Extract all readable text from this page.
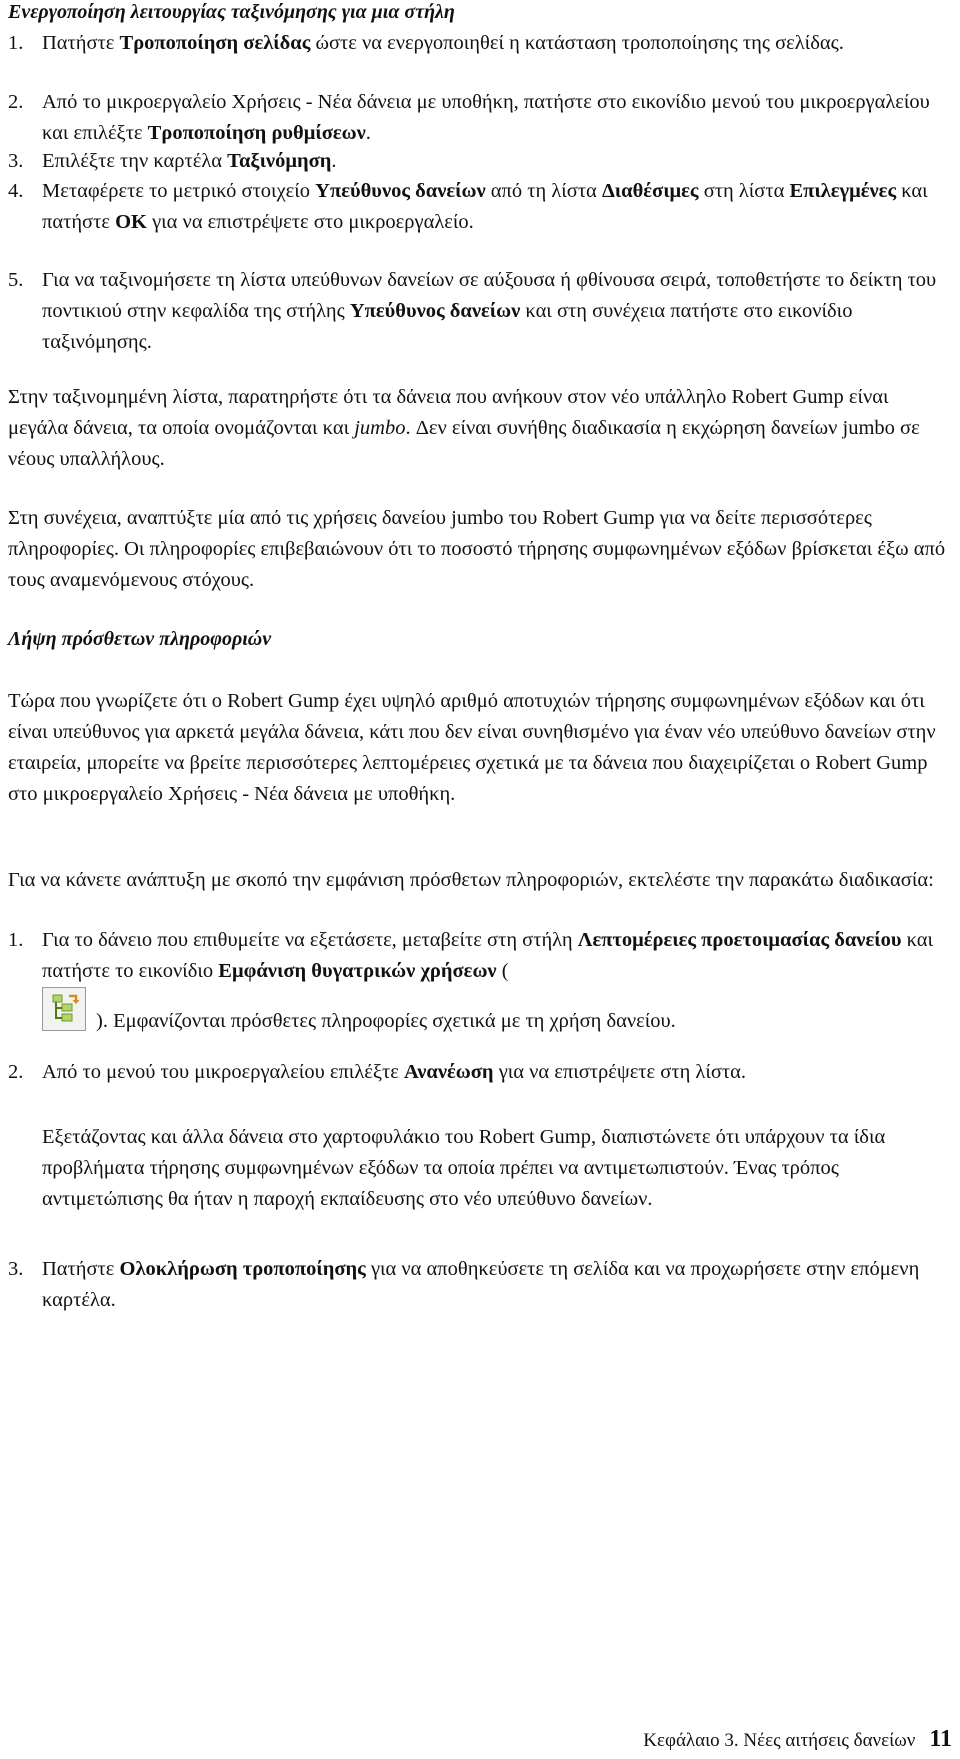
Ενεργοποίηση λειτουργίας ταξινόμησης για μια στήλη
1. Πατήστε Τροποποίηση σελίδας ώστε να ενεργοποιηθεί η κατάσταση τροποποίησης της σελίδας.
2. Από το μικροεργαλείο Χρήσεις - Νέα δάνεια με υποθήκη, πατήστε στο εικονίδιο μενού του μικροεργαλείου και επιλέξτε Τροποποίηση ρυθμίσεων.
3. Επιλέξτε την καρτέλα Ταξινόμηση.
4. Μεταφέρετε το μετρικό στοιχείο Υπεύθυνος δανείων από τη λίστα Διαθέσιμες στη λίστα Επιλεγμένες και πατήστε OK για να επιστρέψετε στο μικροεργαλείο.
5. Για να ταξινομήσετε τη λίστα υπεύθυνων δανείων σε αύξουσα ή φθίνουσα σειρά, τοποθετήστε το δείκτη του ποντικιού στην κεφαλίδα της στήλης Υπεύθυνος δανείων και στη συνέχεια πατήστε στο εικονίδιο ταξινόμησης.
Στην ταξινομημένη λίστα, παρατηρήστε ότι τα δάνεια που ανήκουν στον νέο υπάλληλο Robert Gump είναι μεγάλα δάνεια, τα οποία ονομάζονται και jumbo. Δεν είναι συνήθης διαδικασία η εκχώρηση δανείων jumbo σε νέους υπαλλήλους.
Στη συνέχεια, αναπτύξτε μία από τις χρήσεις δανείου jumbo του Robert Gump για να δείτε περισσότερες πληροφορίες. Οι πληροφορίες επιβεβαιώνουν ότι το ποσοστό τήρησης συμφωνημένων εξόδων βρίσκεται έξω από τους αναμενόμενους στόχους.
Λήψη πρόσθετων πληροφοριών
Τώρα που γνωρίζετε ότι ο Robert Gump έχει υψηλό αριθμό αποτυχιών τήρησης συμφωνημένων εξόδων και ότι είναι υπεύθυνος για αρκετά μεγάλα δάνεια, κάτι που δεν είναι συνηθισμένο για έναν νέο υπεύθυνο δανείων στην εταιρεία, μπορείτε να βρείτε περισσότερες λεπτομέρειες σχετικά με τα δάνεια που διαχειρίζεται ο Robert Gump στο μικροεργαλείο Χρήσεις - Νέα δάνεια με υποθήκη.
Για να κάνετε ανάπτυξη με σκοπό την εμφάνιση πρόσθετων πληροφοριών, εκτελέστε την παρακάτω διαδικασία:
1. Για το δάνειο που επιθυμείτε να εξετάσετε, μεταβείτε στη στήλη Λεπτομέρειες προετοιμασίας δανείου και πατήστε το εικονίδιο Εμφάνιση θυγατρικών χρήσεων (

). Εμφανίζονται πρόσθετες πληροφορίες σχετικά με τη χρήση δανείου.
2. Από το μενού του μικροεργαλείου επιλέξτε Ανανέωση για να επιστρέψετε στη λίστα.
Εξετάζοντας και άλλα δάνεια στο χαρτοφυλάκιο του Robert Gump, διαπιστώνετε ότι υπάρχουν τα ίδια προβλήματα τήρησης συμφωνημένων εξόδων τα οποία πρέπει να αντιμετωπιστούν. Ένας τρόπος αντιμετώπισης θα ήταν η παροχή εκπαίδευσης στο νέο υπεύθυνο δανείων.
3. Πατήστε Ολοκλήρωση τροποποίησης για να αποθηκεύσετε τη σελίδα και να προχωρήσετε στην επόμενη καρτέλα.
Κεφάλαιο 3. Νέες αιτήσεις δανείων 11
